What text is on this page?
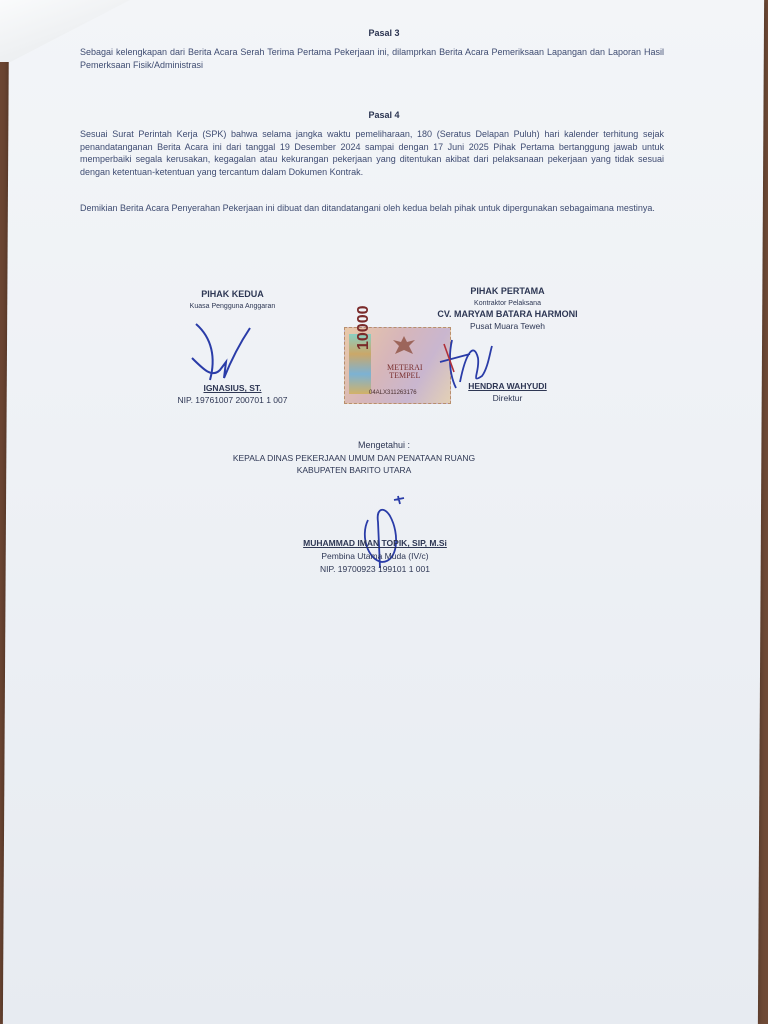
Pasal 3
Sebagai kelengkapan dari Berita Acara Serah Terima Pertama Pekerjaan ini, dilamprkan Berita Acara Pemeriksaan Lapangan dan Laporan Hasil Pemerksaan Fisik/Administrasi
Pasal 4
Sesuai Surat Perintah Kerja (SPK) bahwa selama jangka waktu pemeliharaan, 180 (Seratus Delapan Puluh) hari kalender terhitung sejak penandatanganan Berita Acara ini dari tanggal 19 Desember 2024 sampai dengan 17 Juni 2025 Pihak Pertama bertanggung jawab untuk memperbaiki segala kerusakan, kegagalan atau kekurangan pekerjaan yang ditentukan akibat dari pelaksanaan pekerjaan yang tidak sesuai dengan ketentuan-ketentuan yang tercantum dalam Dokumen Kontrak.
Demikian Berita Acara Penyerahan Pekerjaan ini dibuat dan ditandatangani oleh kedua belah pihak untuk dipergunakan sebagaimana mestinya.
PIHAK KEDUA
Kuasa Pengguna Anggaran
IGNASIUS, ST.
NIP. 19761007 200701 1 007
PIHAK PERTAMA
Kontraktor Pelaksana
CV. MARYAM BATARA HARMONI
Pusat Muara Teweh
10000
METERAI
TEMPEL
04ALX311263176
HENDRA WAHYUDI
Direktur
Mengetahui :
KEPALA DINAS PEKERJAAN UMUM DAN PENATAAN RUANG
KABUPATEN BARITO UTARA
MUHAMMAD IMAN TOPIK, SIP, M.Si
Pembina Utama Muda (IV/c)
NIP. 19700923 199101 1 001
